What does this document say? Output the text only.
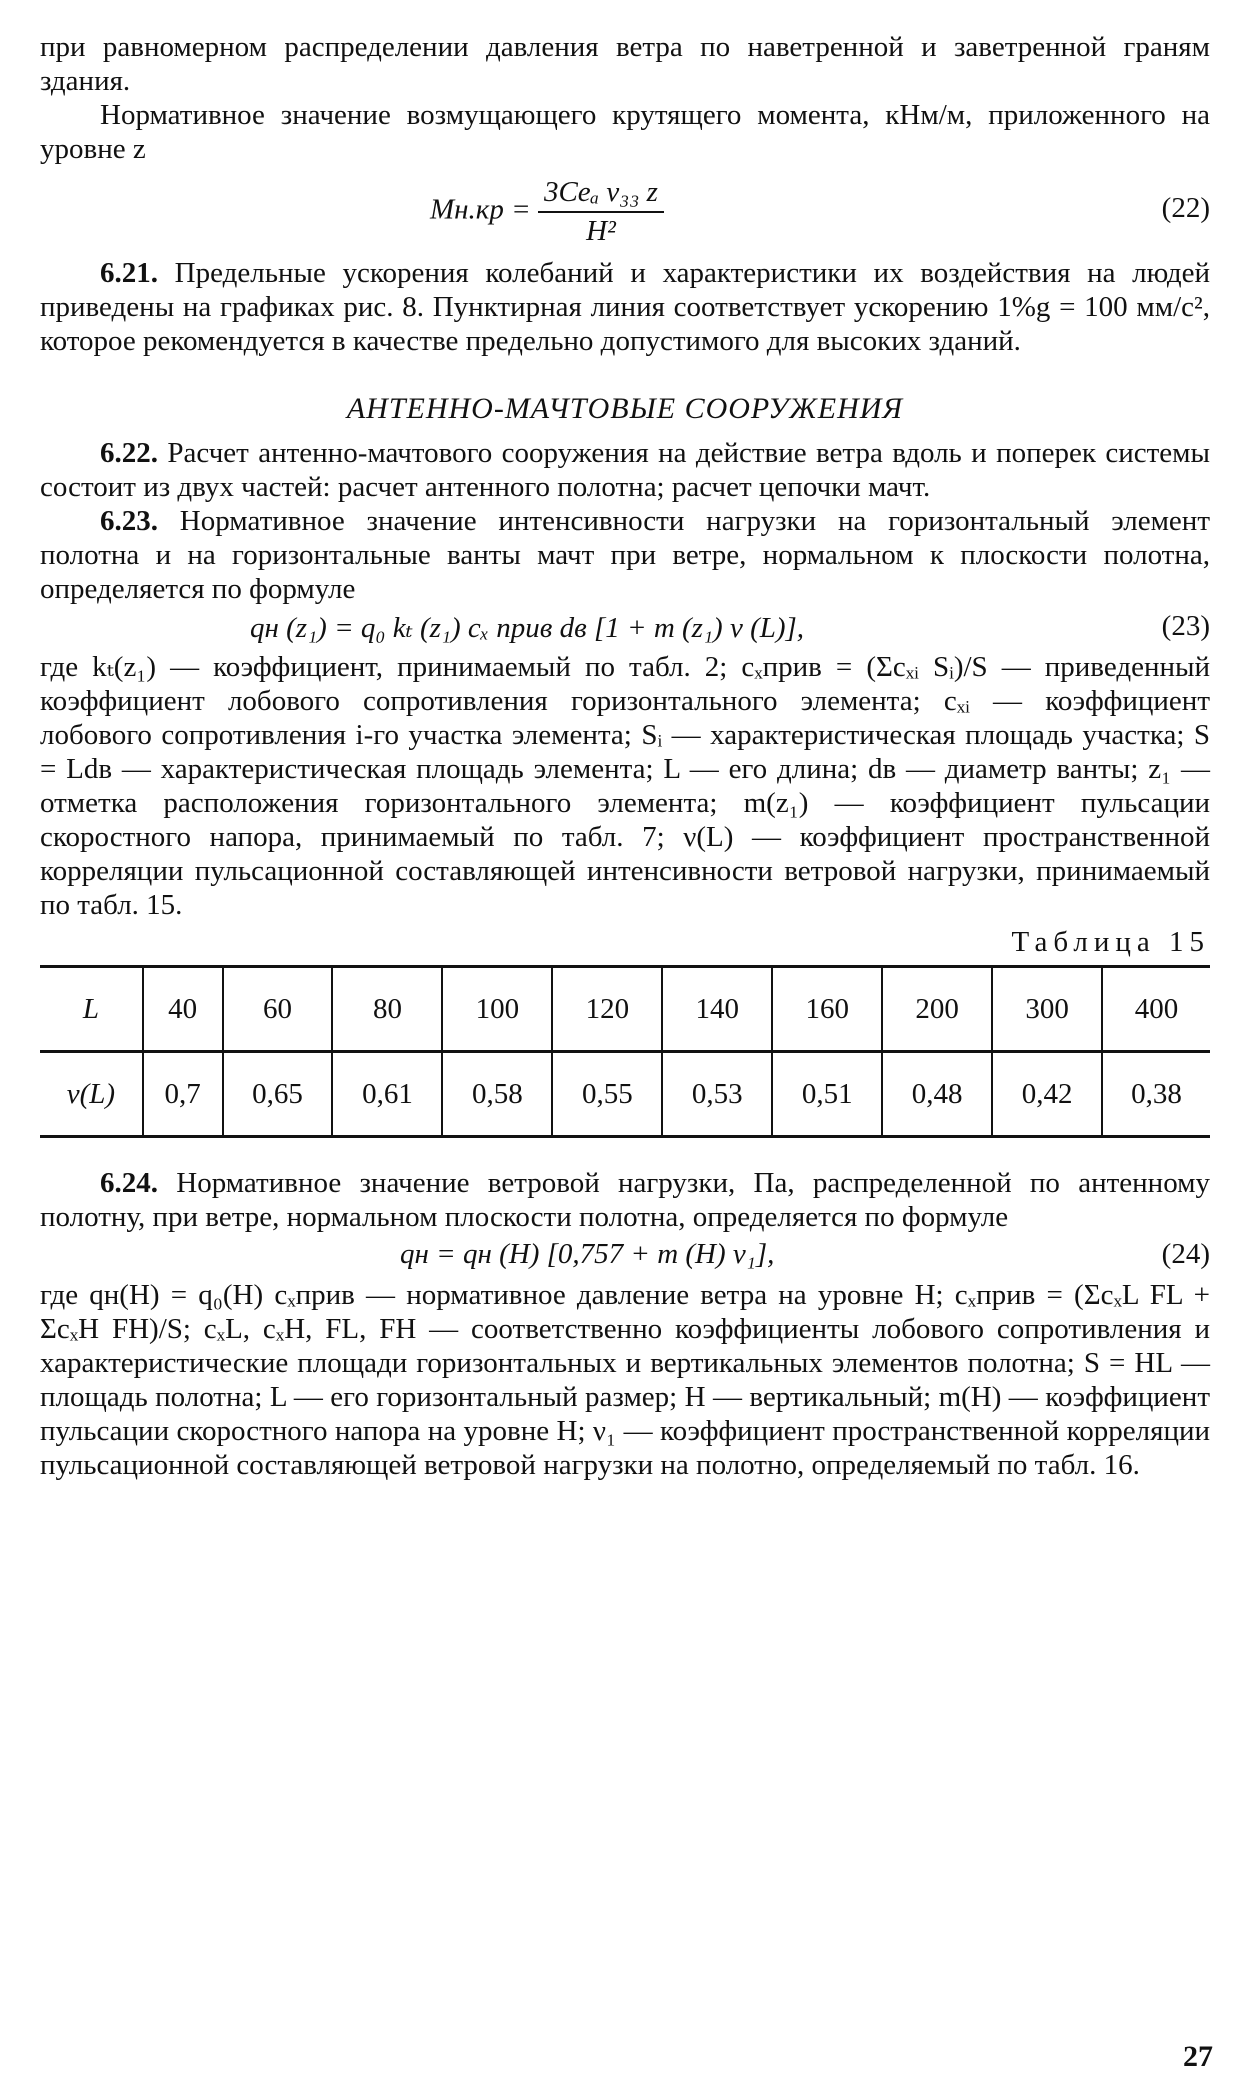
при равномерном распределении давления ветра по наветренной и заветренной граням здания.

Нормативное значение возмущающего крутящего момента, кНм/м, приложенного на уровне z

$Mн.кр = \frac{\text{3Ceₐ v₃₃ z}}{\text{H²}}$	(22)

6.21. Предельные ускорения колебаний и характеристики их воздействия на людей приведены на графиках рис. 8. Пунктирная линия соответствует ускорению 1%g = 100 мм/с², которое рекомендуется в качестве предельно допустимого для высоких зданий.

АНТЕННО-МАЧТОВЫЕ СООРУЖЕНИЯ

6.22. Расчет антенно-мачтового сооружения на действие ветра вдоль и поперек системы состоит из двух частей: расчет антенного полотна; расчет цепочки мачт.

6.23. Нормативное значение интенсивности нагрузки на горизонтальный элемент полотна и на горизонтальные ванты мачт при ветре, нормальном к плоскости полотна, определяется по формуле

qн (z₁) = q₀ kₜ (z₁) cₓ прив dв [1 + m (z₁) ν (L)],	(23)

где kₜ(z₁) — коэффициент, принимаемый по табл. 2; cₓприв = (Σcₓᵢ Sᵢ)/S — приведенный коэффициент лобового сопротивления горизонтального элемента; cₓᵢ — коэффициент лобового сопротивления i-го участка элемента; Sᵢ — характеристическая площадь участка; S = Ldв — характеристическая площадь элемента; L — его длина; dв — диаметр ванты; z₁ — отметка расположения горизонтального элемента; m(z₁) — коэффициент пульсации скоростного напора, принимаемый по табл. 7; ν(L) — коэффициент пространственной корреляции пульсационной составляющей интенсивности ветровой нагрузки, принимаемый по табл. 15.

Таблица 15
L	40	60	80	100	120	140	160	200	300	400
ν(L)	0,7	0,65	0,61	0,58	0,55	0,53	0,51	0,48	0,42	0,38

6.24. Нормативное значение ветровой нагрузки, Па, распределенной по антенному полотну, при ветре, нормальном плоскости полотна, определяется по формуле

qн = qн (H) [0,757 + m (H) ν₁],	(24)

где qн(H) = q₀(H) cₓприв — нормативное давление ветра на уровне H; cₓприв = (ΣcₓL FL + ΣcₓH FH)/S; cₓL, cₓH, FL, FH — соответственно коэффициенты лобового сопротивления и характеристические площади горизонтальных и вертикальных элементов полотна; S = HL — площадь полотна; L — его горизонтальный размер; H — вертикальный; m(H) — коэффициент пульсации скоростного напора на уровне H; ν₁ — коэффициент пространственной корреляции пульсационной составляющей ветровой нагрузки на полотно, определяемый по табл. 16.

27
